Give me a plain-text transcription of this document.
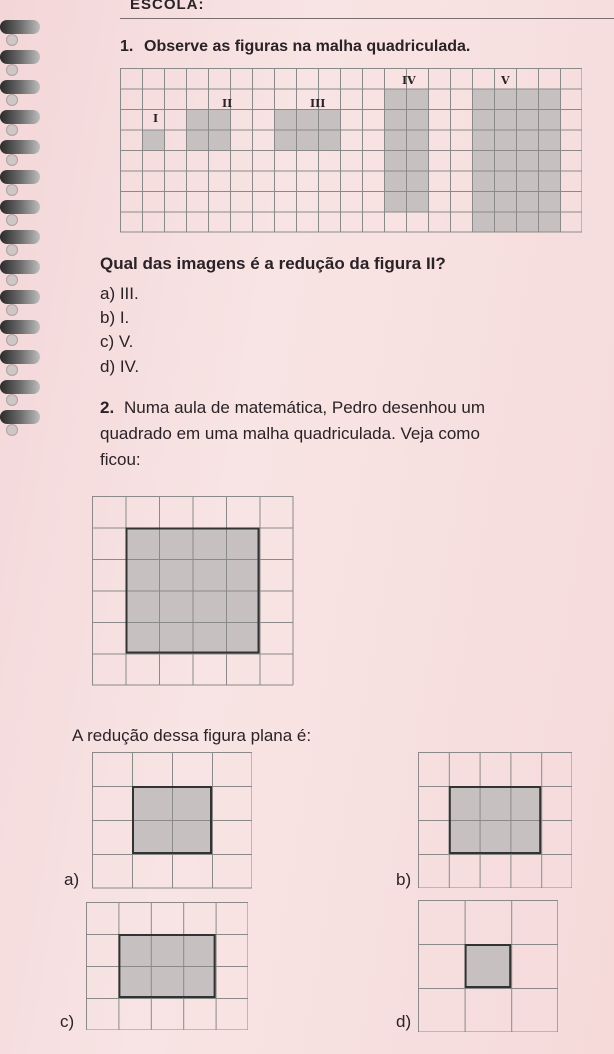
ESCOLA:
1. Observe as figuras na malha quadriculada.
I
II	III
IV	V
Qual das imagens é a redução da figura II?
a) III.
b) I.
c) V.
d) IV.
2. Numa aula de matemática, Pedro desenhou um
quadrado em uma malha quadriculada. Veja como
ficou:
A redução dessa figura plana é:
a)	b)
c)	d)
